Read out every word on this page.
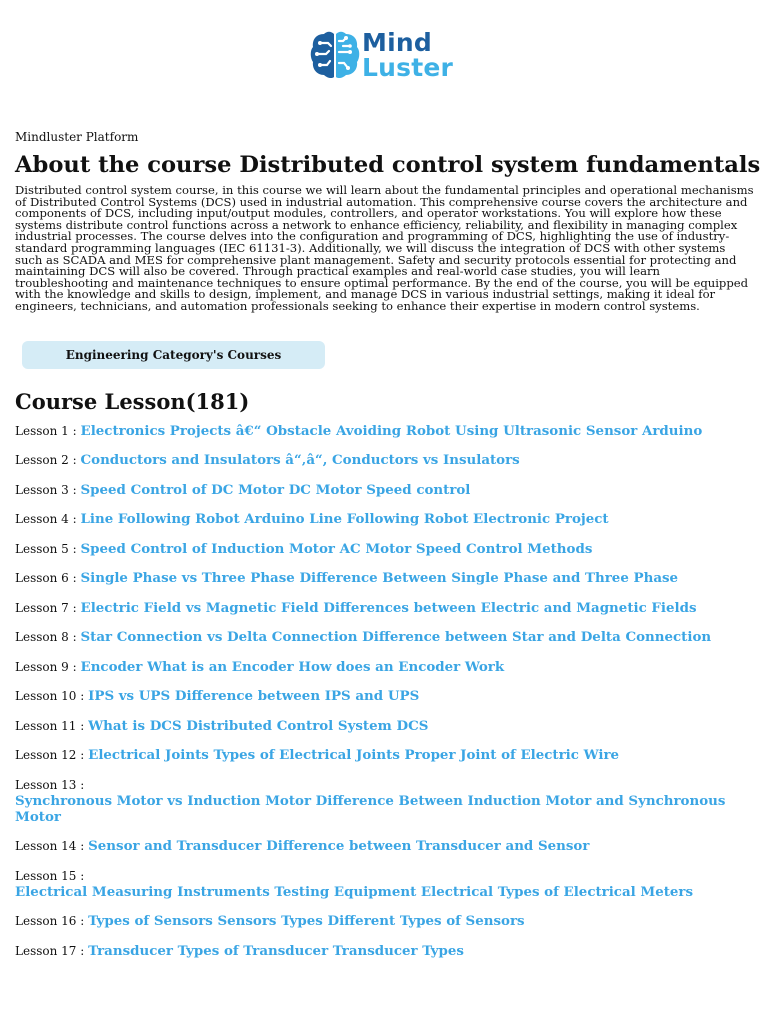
Mind
Luster

Mindluster Platform

About the course Distributed control system fundamentals

Distributed control system course, in this course we will learn about the fundamental principles and operational mechanisms of Distributed Control Systems (DCS) used in industrial automation. This comprehensive course covers the architecture and components of DCS, including input/output modules, controllers, and operator workstations. You will explore how these systems distribute control functions across a network to enhance efficiency, reliability, and flexibility in managing complex industrial processes. The course delves into the configuration and programming of DCS, highlighting the use of industry-standard programming languages (IEC 61131-3). Additionally, we will discuss the integration of DCS with other systems such as SCADA and MES for comprehensive plant management. Safety and security protocols essential for protecting and maintaining DCS will also be covered. Through practical examples and real-world case studies, you will learn troubleshooting and maintenance techniques to ensure optimal performance. By the end of the course, you will be equipped with the knowledge and skills to design, implement, and manage DCS in various industrial settings, making it ideal for engineers, technicians, and automation professionals seeking to enhance their expertise in modern control systems.

Engineering Category's Courses
Course Lesson(181)
Lesson 1 : Electronics Projects â€“ Obstacle Avoiding Robot Using Ultrasonic Sensor Arduino
Lesson 2 : Conductors and Insulators â“‚â“, Conductors vs Insulators
Lesson 3 : Speed Control of DC Motor DC Motor Speed control
Lesson 4 : Line Following Robot Arduino Line Following Robot Electronic Project
Lesson 5 : Speed Control of Induction Motor AC Motor Speed Control Methods
Lesson 6 : Single Phase vs Three Phase Difference Between Single Phase and Three Phase
Lesson 7 : Electric Field vs Magnetic Field Differences between Electric and Magnetic Fields
Lesson 8 : Star Connection vs Delta Connection Difference between Star and Delta Connection
Lesson 9 : Encoder What is an Encoder How does an Encoder Work
Lesson 10 : IPS vs UPS Difference between IPS and UPS
Lesson 11 : What is DCS Distributed Control System DCS
Lesson 12 : Electrical Joints Types of Electrical Joints Proper Joint of Electric Wire
Lesson 13 :
Synchronous Motor vs Induction Motor Difference Between Induction Motor and Synchronous Motor
Lesson 14 : Sensor and Transducer Difference between Transducer and Sensor
Lesson 15 :
Electrical Measuring Instruments Testing Equipment Electrical Types of Electrical Meters
Lesson 16 : Types of Sensors Sensors Types Different Types of Sensors
Lesson 17 : Transducer Types of Transducer Transducer Types
